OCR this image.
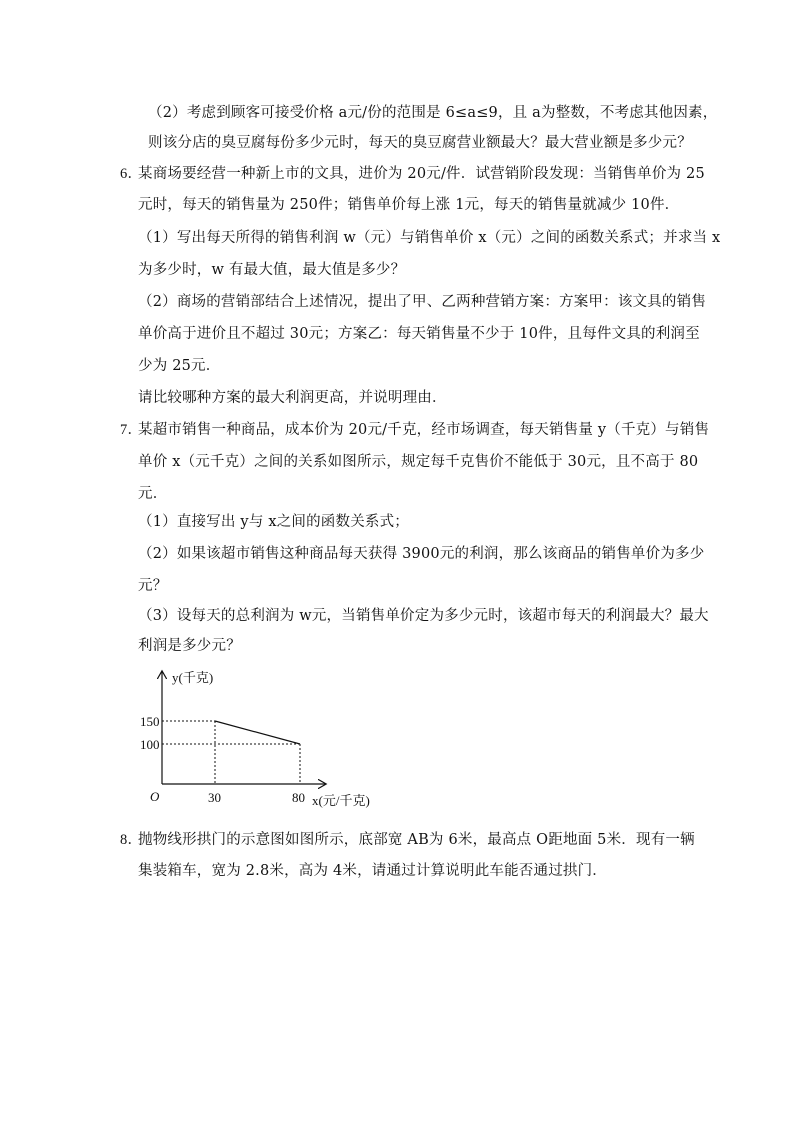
（2）考虑到顾客可接受价格 a元/份的范围是 6≤a≤9，且 a为整数，不考虑其他因素，
则该分店的臭豆腐每份多少元时，每天的臭豆腐营业额最大？最大营业额是多少元？
6．
某商场要经营一种新上市的文具，进价为 20元/件．试营销阶段发现：当销售单价为 25
元时，每天的销售量为 250件；销售单价每上涨 1元，每天的销售量就减少 10件．
（1）写出每天所得的销售利润 w（元）与销售单价 x（元）之间的函数关系式；并求当 x
为多少时，w 有最大值，最大值是多少？
（2）商场的营销部结合上述情况，提出了甲、乙两种营销方案：方案甲：该文具的销售
单价高于进价且不超过 30元；方案乙：每天销售量不少于 10件，且每件文具的利润至
少为 25元．
请比较哪种方案的最大利润更高，并说明理由．
7．
某超市销售一种商品，成本价为 20元/千克，经市场调查，每天销售量 y（千克）与销售
单价 x（元千克）之间的关系如图所示，规定每千克售价不能低于 30元，且不高于 80
元．
（1）直接写出 y与 x之间的函数关系式；
（2）如果该超市销售这种商品每天获得 3900元的利润，那么该商品的销售单价为多少
元？
（3）设每天的总利润为 w元，当销售单价定为多少元时，该超市每天的利润最大？最大
利润是多少元？
y(千克)
x(元/千克)
O
150
100
30	80
8．
抛物线形拱门的示意图如图所示，底部宽 AB为 6米，最高点 O距地面 5米．现有一辆
集装箱车，宽为 2.8米，高为 4米，请通过计算说明此车能否通过拱门．
